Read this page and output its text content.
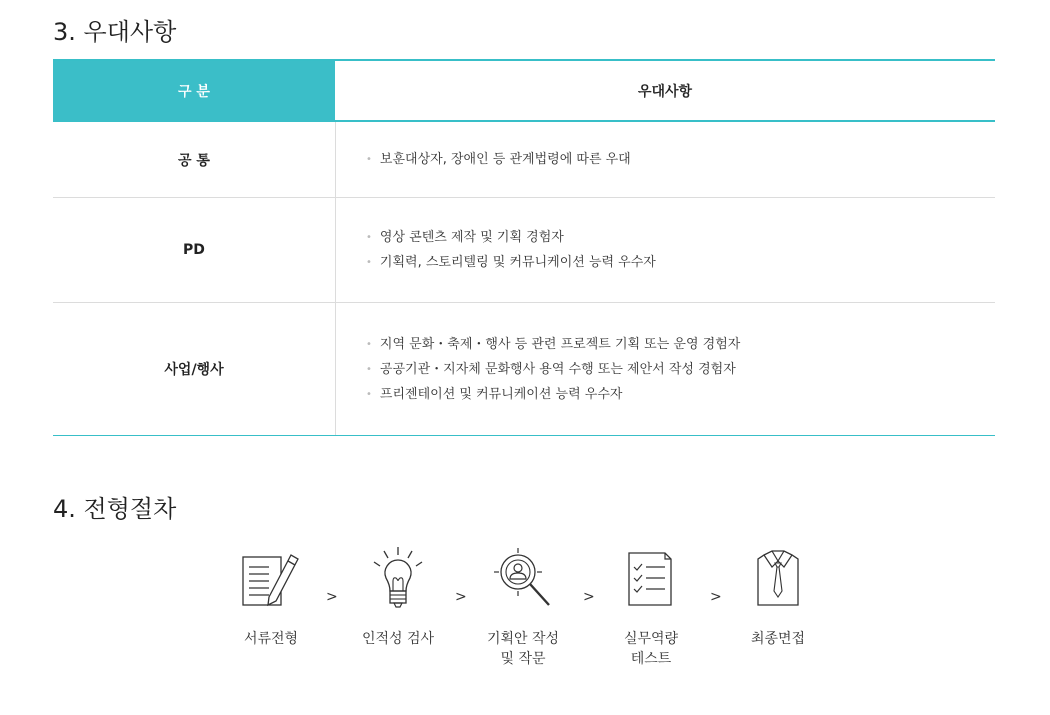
3. 우대사항
구 분	우대사항
공 통	• 보훈대상자, 장애인 등 관계법령에 따른 우대
PD
• 영상 콘텐츠 제작 및 기획 경험자
• 기획력, 스토리텔링 및 커뮤니케이션 능력 우수자
사업/행사
• 지역 문화・축제・행사 등 관련 프로젝트 기획 또는 운영 경험자
• 공공기관・지자체 문화행사 용역 수행 또는 제안서 작성 경험자
• 프리젠테이션 및 커뮤니케이션 능력 우수자
4. 전형절차
서류전형
>
인적성 검사
>
기획안 작성
및 작문
>
실무역량
테스트
>
최종면접
